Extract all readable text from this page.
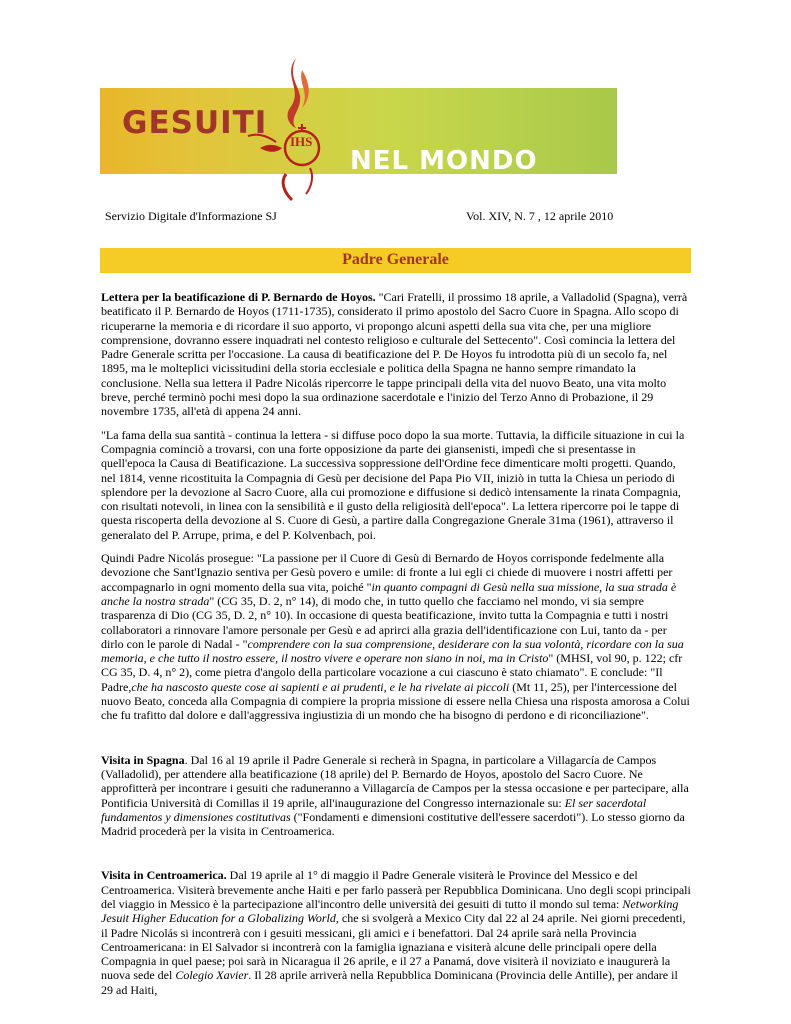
GESUITI
NEL MONDO
IHS
Servizio Digitale d'Informazione SJ	Vol. XIV, N. 7 , 12 aprile 2010
Padre Generale

Lettera per la beatificazione di P. Bernardo de Hoyos. "Cari Fratelli, il prossimo 18 aprile, a Valladolid (Spagna), verrà beatificato il P. Bernardo de Hoyos (1711-1735), considerato il primo apostolo del Sacro Cuore in Spagna. Allo scopo di ricuperarne la memoria e di ricordare il suo apporto, vi propongo alcuni aspetti della sua vita che, per una migliore comprensione, dovranno essere inquadrati nel contesto religioso e culturale del Settecento". Così comincia la lettera del Padre Generale scritta per l'occasione. La causa di beatificazione del P. De Hoyos fu introdotta più di un secolo fa, nel 1895, ma le molteplici vicissitudini della storia ecclesiale e politica della Spagna ne hanno sempre rimandato la conclusione. Nella sua lettera il Padre Nicolás ripercorre le tappe principali della vita del nuovo Beato, una vita molto breve, perché terminò pochi mesi dopo la sua ordinazione sacerdotale e l'inizio del Terzo Anno di Probazione, il 29 novembre 1735, all'età di appena 24 anni.

"La fama della sua santità - continua la lettera - si diffuse poco dopo la sua morte. Tuttavia, la difficile situazione in cui la Compagnia cominciò a trovarsi, con una forte opposizione da parte dei giansenisti, impedì che si presentasse in quell'epoca la Causa di Beatificazione. La successiva soppressione dell'Ordine fece dimenticare molti progetti. Quando, nel 1814, venne ricostituita la Compagnia di Gesù per decisione del Papa Pio VII, iniziò in tutta la Chiesa un periodo di splendore per la devozione al Sacro Cuore, alla cui promozione e diffusione si dedicò intensamente la rinata Compagnia, con risultati notevoli, in linea con la sensibilità e il gusto della religiosità dell'epoca". La lettera ripercorre poi le tappe di questa riscoperta della devozione al S. Cuore di Gesù, a partire dalla Congregazione Gnerale 31ma (1961), attraverso il generalato del P. Arrupe, prima, e del P. Kolvenbach, poi.

Quindi Padre Nicolás prosegue: "La passione per il Cuore di Gesù di Bernardo de Hoyos corrisponde fedelmente alla devozione che Sant'Ignazio sentiva per Gesù povero e umile: di fronte a lui egli ci chiede di muovere i nostri affetti per accompagnarlo in ogni momento della sua vita, poiché "in quanto compagni di Gesù nella sua missione, la sua strada è anche la nostra strada" (CG 35, D. 2, n° 14), di modo che, in tutto quello che facciamo nel mondo, vi sia sempre trasparenza di Dio (CG 35, D. 2, n° 10). In occasione di questa beatificazione, invito tutta la Compagnia e tutti i nostri collaboratori a rinnovare l'amore personale per Gesù e ad aprirci alla grazia dell'identificazione con Lui, tanto da - per dirlo con le parole di Nadal - "comprendere con la sua comprensione, desiderare con la sua volontà, ricordare con la sua memoria, e che tutto il nostro essere, il nostro vivere e operare non siano in noi, ma in Cristo" (MHSI, vol 90, p. 122; cfr CG 35, D. 4, n° 2), come pietra d'angolo della particolare vocazione a cui ciascuno è stato chiamato". E conclude: "Il Padre,che ha nascosto queste cose ai sapienti e ai prudenti, e le ha rivelate ai piccoli (Mt 11, 25), per l'intercessione del nuovo Beato, conceda alla Compagnia di compiere la propria missione di essere nella Chiesa una risposta amorosa a Colui che fu trafitto dal dolore e dall'aggressiva ingiustizia di un mondo che ha bisogno di perdono e di riconciliazione".

Visita in Spagna. Dal 16 al 19 aprile il Padre Generale si recherà in Spagna, in particolare a Villagarcía de Campos (Valladolid), per attendere alla beatificazione (18 aprile) del P. Bernardo de Hoyos, apostolo del Sacro Cuore. Ne approfitterà per incontrare i gesuiti che raduneranno a Villagarcía de Campos per la stessa occasione e per partecipare, alla Pontificia Università di Comillas il 19 aprile, all'inaugurazione del Congresso internazionale su: El ser sacerdotal fundamentos y dimensiones costitutivas ("Fondamenti e dimensioni costitutive dell'essere sacerdoti"). Lo stesso giorno da Madrid procederà per la visita in Centroamerica.

Visita in Centroamerica. Dal 19 aprile al 1° di maggio il Padre Generale visiterà le Province del Messico e del Centroamerica. Visiterà brevemente anche Haiti e per farlo passerà per Repubblica Dominicana. Uno degli scopi principali del viaggio in Messico è la partecipazione all'incontro delle università dei gesuiti di tutto il mondo sul tema: Networking Jesuit Higher Education for a Globalizing World, che si svolgerà a Mexico City dal 22 al 24 aprile. Nei giorni precedenti, il Padre Nicolás si incontrerà con i gesuiti messicani, gli amici e i benefattori. Dal 24 aprile sarà nella Provincia Centroamericana: in El Salvador si incontrerà con la famiglia ignaziana e visiterà alcune delle principali opere della Compagnia in quel paese; poi sarà in Nicaragua il 26 aprile, e il 27 a Panamá, dove visiterà il noviziato e inaugurerà la nuova sede del Colegio Xavier. Il 28 aprile arriverà nella Repubblica Dominicana (Provincia delle Antille), per andare il 29 ad Haiti,
